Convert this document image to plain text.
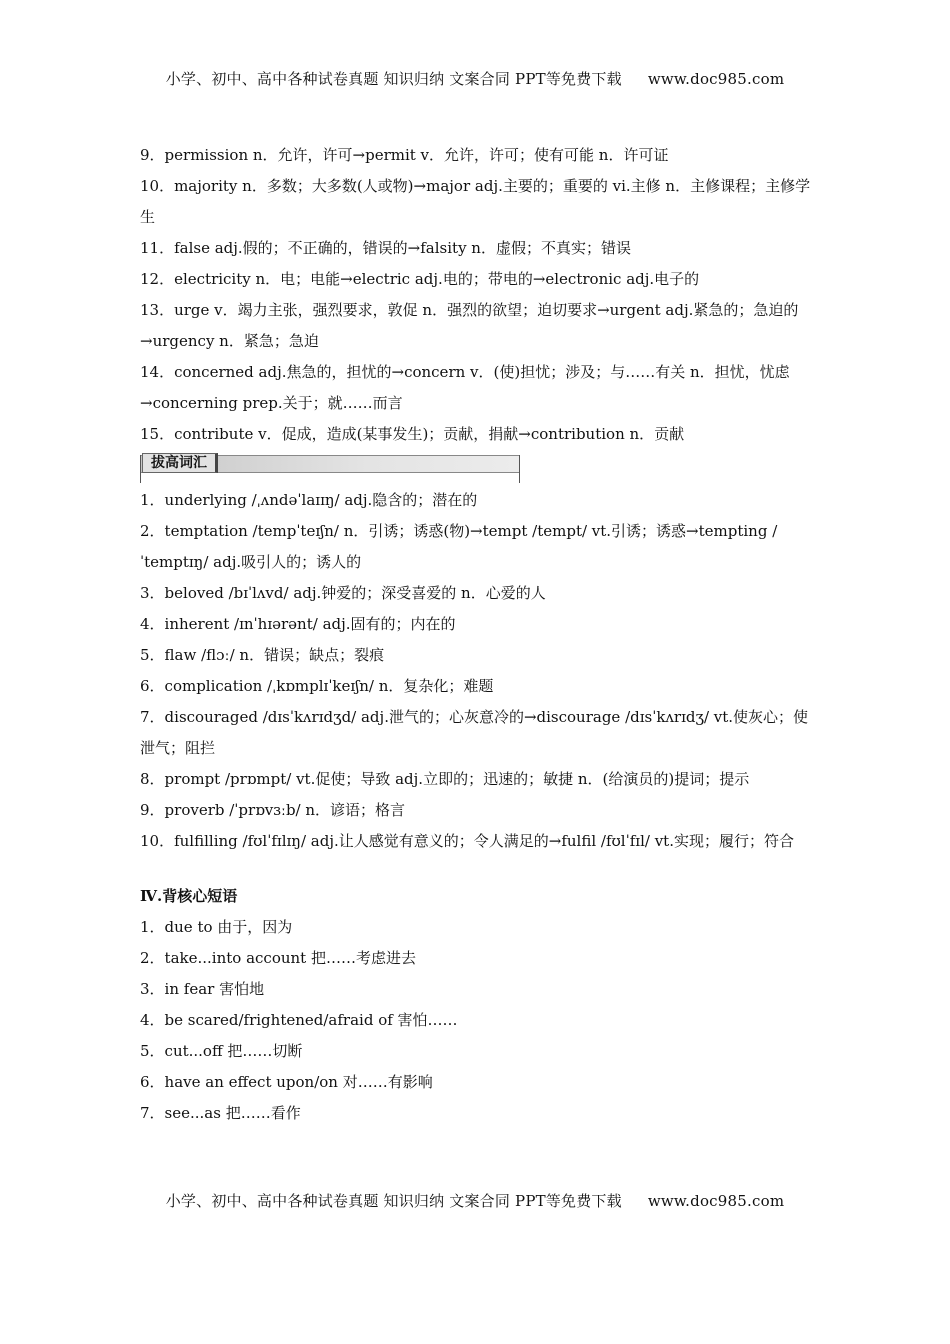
小学、初中、高中各种试卷真题 知识归纳 文案合同 PPT等免费下载 www.doc985.com

9．permission n．允许，许可→permit v．允许，许可；使有可能 n．许可证

10．majority n．多数；大多数(人或物)→major adj.主要的；重要的 vi.主修 n．主修课程；主修学生

11．false adj.假的；不正确的，错误的→falsity n．虚假；不真实；错误

12．electricity n．电；电能→electric adj.电的；带电的→electronic adj.电子的

13．urge v．竭力主张，强烈要求，敦促 n．强烈的欲望；迫切要求→urgent adj.紧急的；急迫的→urgency n．紧急；急迫

14．concerned adj.焦急的，担忧的→concern v．(使)担忧；涉及；与……有关 n．担忧，忧虑→concerning prep.关于；就……而言

15．contribute v．促成，造成(某事发生)；贡献，捐献→contribution n．贡献

拔高词汇

1．underlying /ˌʌndəˈlaɪɪŋ/ adj.隐含的；潜在的

2．temptation /tempˈteɪʃn/ n．引诱；诱惑(物)→tempt /tempt/ vt.引诱；诱惑→tempting /ˈtemptɪŋ/ adj.吸引人的；诱人的

3．beloved /bɪˈlʌvd/ adj.钟爱的；深受喜爱的 n．心爱的人

4．inherent /ɪnˈhɪərənt/ adj.固有的；内在的

5．flaw /flɔː/ n．错误；缺点；裂痕

6．complication /ˌkɒmplɪˈkeɪʃn/ n．复杂化；难题

7．discouraged /dɪsˈkʌrɪdʒd/ adj.泄气的；心灰意冷的→discourage /dɪsˈkʌrɪdʒ/ vt.使灰心；使泄气；阻拦

8．prompt /prɒmpt/ vt.促使；导致 adj.立即的；迅速的；敏捷 n．(给演员的)提词；提示

9．proverb /ˈprɒvɜːb/ n．谚语；格言

10．fulfilling /fʊlˈfɪlɪŋ/ adj.让人感觉有意义的；令人满足的→fulfil /fʊlˈfɪl/ vt.实现；履行；符合

Ⅳ.背核心短语

1．due to 由于，因为

2．take...into account 把……考虑进去

3．in fear 害怕地

4．be scared/frightened/afraid of 害怕……

5．cut...off 把……切断

6．have an effect upon/on 对……有影响

7．see...as 把……看作

小学、初中、高中各种试卷真题 知识归纳 文案合同 PPT等免费下载 www.doc985.com
